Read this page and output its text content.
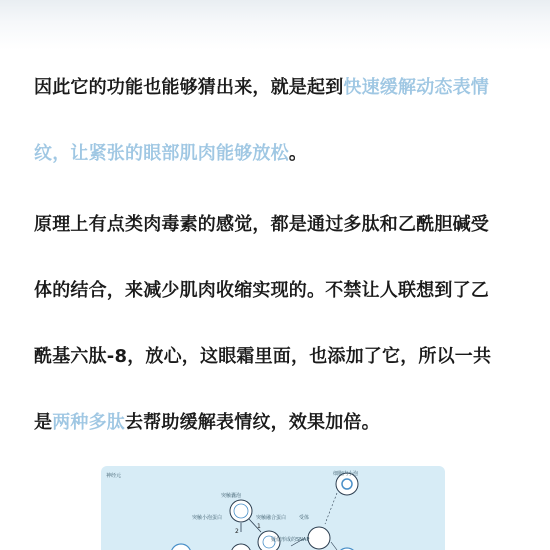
因此它的功能也能够猜出来，就是起到快速缓解动态表情
纹，让紧张的眼部肌肉能够放松。
原理上有点类肉毒素的感觉，都是通过多肽和乙酰胆碱受
体的结合，来减少肌肉收缩实现的。不禁让人联想到了乙
酰基六肽-8，放心，这眼霜里面，也添加了它，所以一共
是两种多肽去帮助缓解表情纹，效果加倍。
神经元
突触囊泡
突触小泡蛋白	突触融合蛋白	受体
疑似形成的SNAP
细胞内小泡
1
2
